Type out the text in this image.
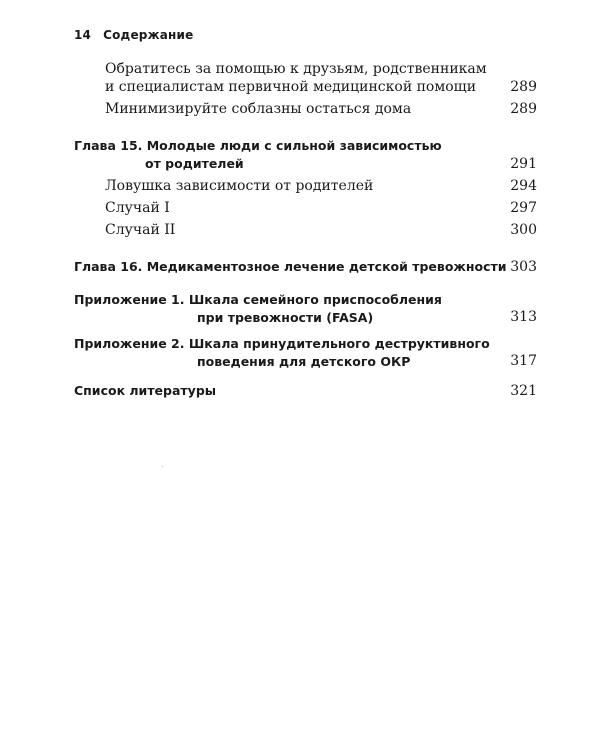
14 Содержание
Обратитесь за помощью к друзьям, родственникам
и специалистам первичной медицинской помощи	289
Минимизируйте соблазны остаться дома	289
Глава 15. Молодые люди с сильной зависимостью
от родителей	291
Ловушка зависимости от родителей	294
Случай I	297
Случай II	300
Глава 16. Медикаментозное лечение детской тревожности 303
Приложение 1. Шкала семейного приспособления
при тревожности (FASA)	313
Приложение 2. Шкала принудительного деструктивного
поведения для детского ОКР	317
Список литературы	321
